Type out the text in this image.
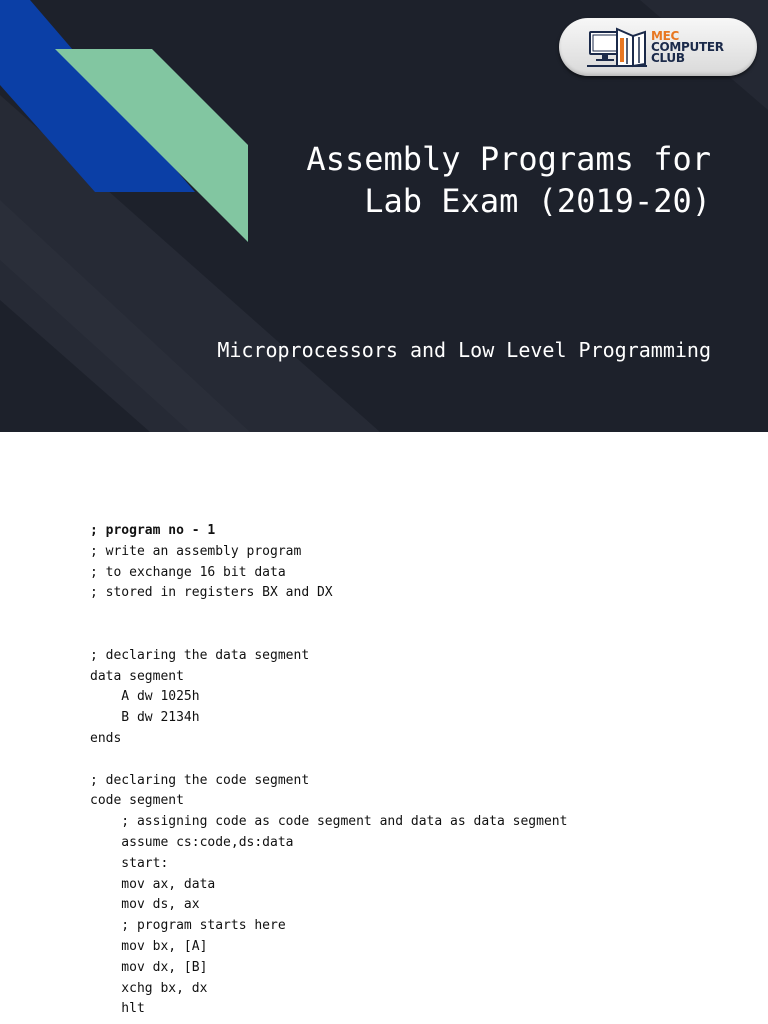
MEC
COMPUTER
CLUB
Assembly Programs for
Lab Exam (2019-20)
Microprocessors and Low Level Programming
; program no - 1
; write an assembly program
; to exchange 16 bit data
; stored in registers BX and DX
; declaring the data segment
data segment
A dw 1025h
B dw 2134h
ends
; declaring the code segment
code segment
; assigning code as code segment and data as data segment
assume cs:code,ds:data
start:
mov ax, data
mov ds, ax
; program starts here
mov bx, [A]
mov dx, [B]
xchg bx, dx
hlt
